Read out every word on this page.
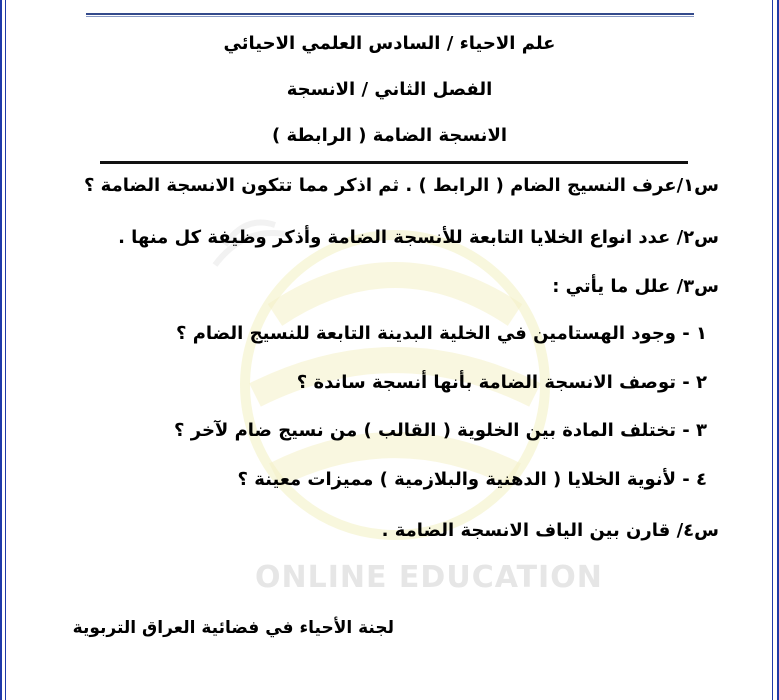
ONLINE EDUCATION
علم الاحياء / السادس العلمي الاحيائي
الفصل الثاني / الانسجة
الانسجة الضامة ( الرابطة )
س١/عرف النسيج الضام ( الرابط ) . ثم اذكر مما تتكون الانسجة الضامة ؟
س٢/ عدد انواع الخلايا التابعة للأنسجة الضامة وأذكر وظيفة كل منها .
س٣/ علل ما يأتي :
١ - وجود الهستامين في الخلية البدينة التابعة للنسيج الضام ؟
٢ - توصف الانسجة الضامة بأنها أنسجة ساندة ؟
٣ - تختلف المادة بين الخلوية ( القالب ) من نسيج ضام لآخر ؟
٤ - لأنوية الخلايا ( الدهنية والبلازمية ) مميزات معينة ؟
س٤/ قارن بين الياف الانسجة الضامة .
لجنة الأحياء في فضائية العراق التربوية
